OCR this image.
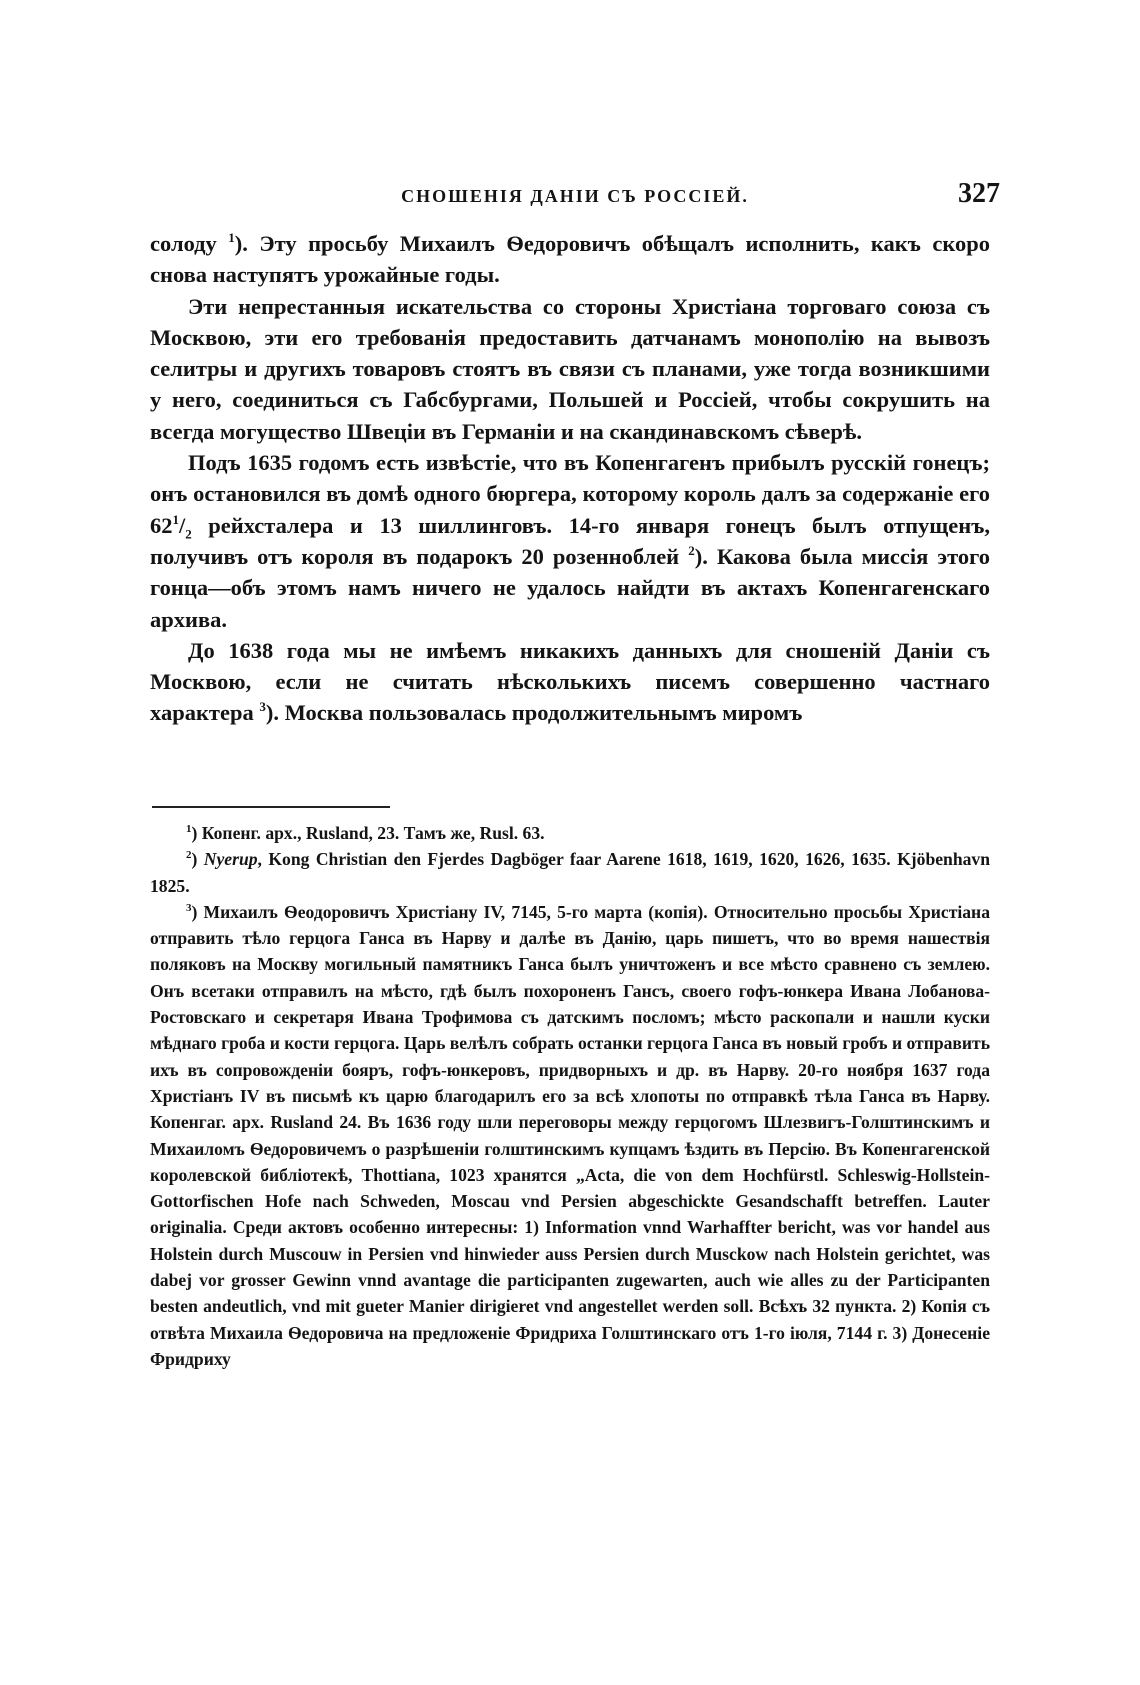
СНОШЕНІЯ ДАНІИ СЪ РОССІЕЙ.	327

солоду $^1$). Эту просьбу Михаилъ Ѳедоровичъ обѣщалъ исполнить, какъ скоро снова наступятъ урожайные годы.

Эти непрестанныя искательства со стороны Христіана торговаго союза съ Москвою, эти его требованія предоставить датчанамъ монополію на вывозъ селитры и другихъ товаровъ стоятъ въ связи съ планами, уже тогда возникшими у него, соединиться съ Габсбургами, Польшей и Россіей, чтобы сокрушить на всегда могущество Швеціи въ Германіи и на скандинавскомъ сѣверѣ.

Подъ 1635 годомъ есть извѣстіе, что въ Копенгагенъ прибылъ русскій гонецъ; онъ остановился въ домѣ одного бюргера, которому король далъ за содержаніе его $62^1/_2$ рейхсталера и 13 шиллинговъ. 14-го января гонецъ былъ отпущенъ, получивъ отъ короля въ подарокъ 20 розенноблей $^2$). Какова была миссія этого гонца—объ этомъ намъ ничего не удалось найдти въ актахъ Копенгагенскаго архива.

До 1638 года мы не имѣемъ никакихъ данныхъ для сношеній Даніи съ Москвою, если не считать нѣсколькихъ писемъ совершенно частнаго характера $^3$). Москва пользовалась продолжительнымъ миромъ

$^1$) Копенг. арх., Rusland, 23. Тамъ же, Rusl. 63.

$^2$) Nyerup, Kong Christian den Fjerdes Dagböger faar Aarene 1618, 1619, 1620, 1626, 1635. Kjöbenhavn 1825.

$^3$) Михаилъ Ѳеодоровичъ Христіану IV, 7145, 5-го марта (копія). Относительно просьбы Христіана отправить тѣло герцога Ганса въ Нарву и далѣе въ Данію, царь пишетъ, что во время нашествія поляковъ на Москву могильный памятникъ Ганса былъ уничтоженъ и все мѣсто сравнено съ землею. Онъ всетаки отправилъ на мѣсто, гдѣ былъ похороненъ Гансъ, своего гофъ-юнкера Ивана Лобанова-Ростовскаго и секретаря Ивана Трофимова съ датскимъ посломъ; мѣсто раскопали и нашли куски мѣднаго гроба и кости герцога. Царь велѣлъ собрать останки герцога Ганса въ новый гробъ и отправить ихъ въ сопровожденіи бояръ, гофъ-юнкеровъ, придворныхъ и др. въ Нарву. 20-го ноября 1637 года Христіанъ IV въ письмѣ къ царю благодарилъ его за всѣ хлопоты по отправкѣ тѣла Ганса въ Нарву. Копенгаг. арх. Rusland 24. Въ 1636 году шли переговоры между герцогомъ Шлезвигъ-Голштинскимъ и Михаиломъ Ѳедоровичемъ о разрѣшеніи голштинскимъ купцамъ ѣздить въ Персію. Въ Копенгагенской королевской библіотекѣ, Thottiana, 1023 хранятся „Acta, die von dem Hochfürstl. Schleswig-Hollstein-Gottorfischen Hofe nach Schweden, Moscau vnd Persien abgeschickte Gesandschafft betreffen. Lauter originalia. Среди актовъ особенно интересны: 1) Information vnnd Warhaffter bericht, was vor handel aus Holstein durch Muscouw in Persien vnd hinwieder auss Persien durch Musckow nach Holstein gerichtet, was dabej vor grosser Gewinn vnnd avantage die participanten zugewarten, auch wie alles zu der Participanten besten andeutlich, vnd mit gueter Manier dirigieret vnd angestellet werden soll. Всѣхъ 32 пункта. 2) Копія съ отвѣта Михаила Ѳедоровича на предложеніе Фридриха Голштинскаго отъ 1-го іюля, 7144 г. 3) Донесеніе Фридриху
